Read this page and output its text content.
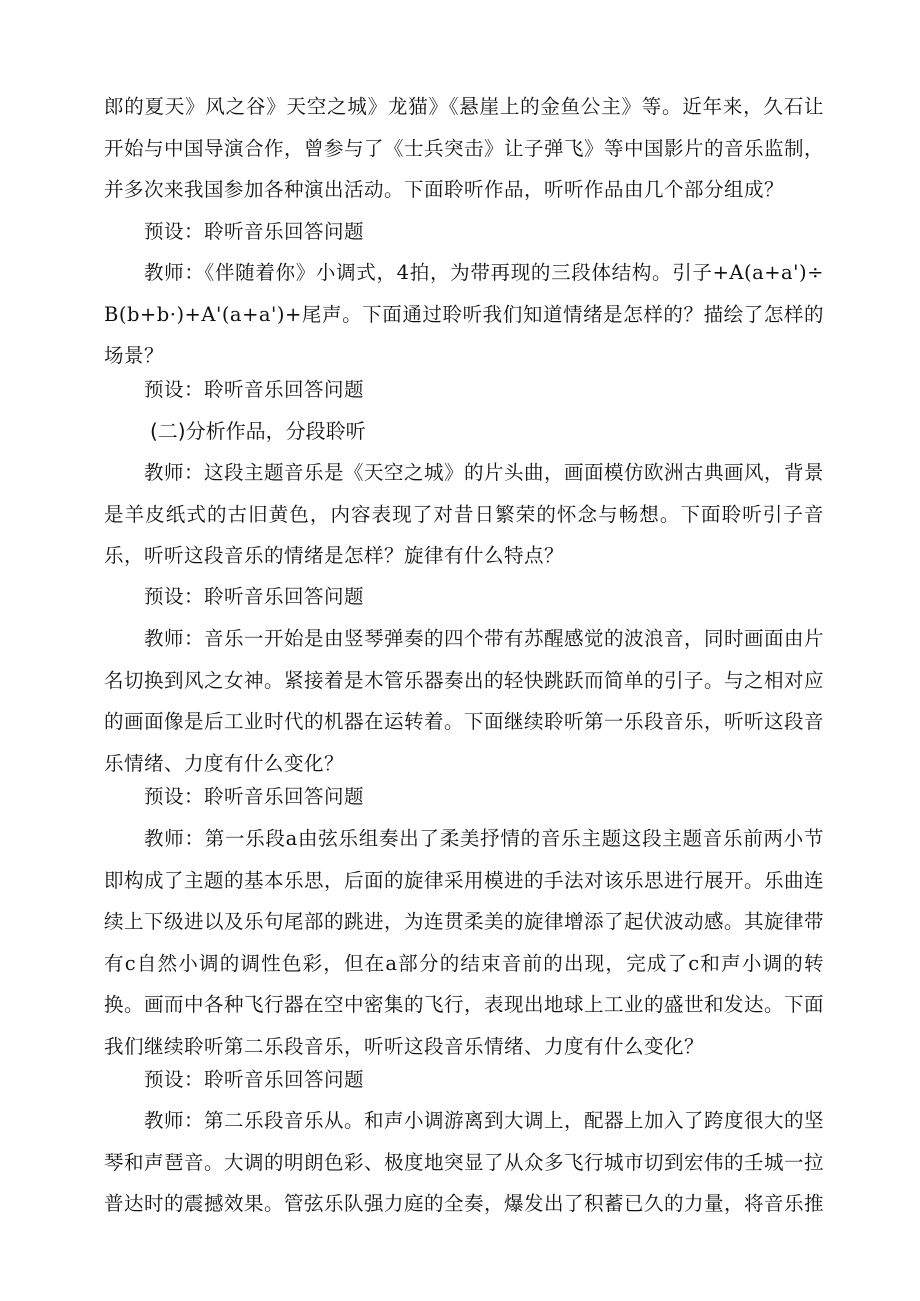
郎的夏天》风之谷》天空之城》龙猫》《悬崖上的金鱼公主》等。近年来，久石让开始与中国导演合作，曾参与了《士兵突击》让子弹飞》等中国影片的音乐监制，并多次来我国参加各种演出活动。下面聆听作品，听听作品由几个部分组成？

预设：聆听音乐回答问题

教师：《伴随着你》小调式，4拍，为带再现的三段体结构。引子+A(a+a')÷B(b+b·)+A'(a+a')+尾声。下面通过聆听我们知道情绪是怎样的？描绘了怎样的场景？

预设：聆听音乐回答问题

(二)分析作品，分段聆听

教师：这段主题音乐是《天空之城》的片头曲，画面模仿欧洲古典画风，背景是羊皮纸式的古旧黄色，内容表现了对昔日繁荣的怀念与畅想。下面聆听引子音乐，听听这段音乐的情绪是怎样？旋律有什么特点？

预设：聆听音乐回答问题

教师：音乐一开始是由竖琴弹奏的四个带有苏醒感觉的波浪音，同时画面由片名切换到风之女神。紧接着是木管乐器奏出的轻快跳跃而简单的引子。与之相对应的画面像是后工业时代的机器在运转着。下面继续聆听第一乐段音乐，听听这段音乐情绪、力度有什么变化？

预设：聆听音乐回答问题

教师：第一乐段a由弦乐组奏出了柔美抒情的音乐主题这段主题音乐前两小节即构成了主题的基本乐思，后面的旋律采用模进的手法对该乐思进行展开。乐曲连续上下级进以及乐句尾部的跳进，为连贯柔美的旋律增添了起伏波动感。其旋律带有c自然小调的调性色彩，但在a部分的结束音前的出现，完成了c和声小调的转换。画而中各种飞行器在空中密集的飞行，表现出地球上工业的盛世和发达。下面我们继续聆听第二乐段音乐，听听这段音乐情绪、力度有什么变化？

预设：聆听音乐回答问题

教师：第二乐段音乐从。和声小调游离到大调上，配器上加入了跨度很大的坚琴和声琶音。大调的明朗色彩、极度地突显了从众多飞行城市切到宏伟的壬城一拉普达时的震撼效果。管弦乐队强力庭的全奏，爆发出了积蓄已久的力量，将音乐推
